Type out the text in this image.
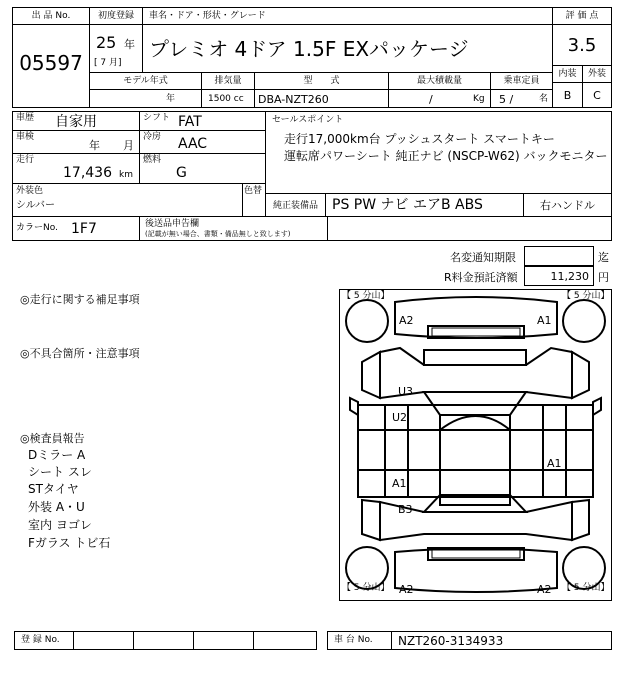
出 品 No.
05597
初度登録
25 年
[ 7 月]
車名・ドア・形状・グレード
プレミオ 4ドア 1.5F EXパッケージ
評 価 点
3.5
内装	外装
B	C
モデル年式
年
排気量
1500 cc
型　　式
DBA-NZT260
最大積載量
/	Kg
乗車定員
5 /	名
車歴 自家用	シフト FAT
車検
年 月
冷房 AAC
走行
17,436 km
燃料
G
外装色
シルバー
色替
カラーNo. 1F7	後送品申告欄
(記載が無い場合、書類・備品無しと致します)
セールスポイント
走行17,000km台 プッシュスタート スマートキー
運転席パワーシート 純正ナビ (NSCP-W62) バックモニター
純正装備品	PS PW ナビ エアB ABS	右ハンドル
名変通知期限	迄
R料金預託済額	11,230 円
◎走行に関する補足事項
◎不具合箇所・注意事項
◎検査員報告
Dミラー A
シート スレ
STタイヤ
外装 A・U
室内 ヨゴレ
Fガラス トビ石
【 5 分山】	【 5 分山】
【 5 分山】	【 5 分山】
A2	A1
U3
U2
A1
A1
B3
A2	A2
登 録 No.	車 台 No. NZT260-3134933
